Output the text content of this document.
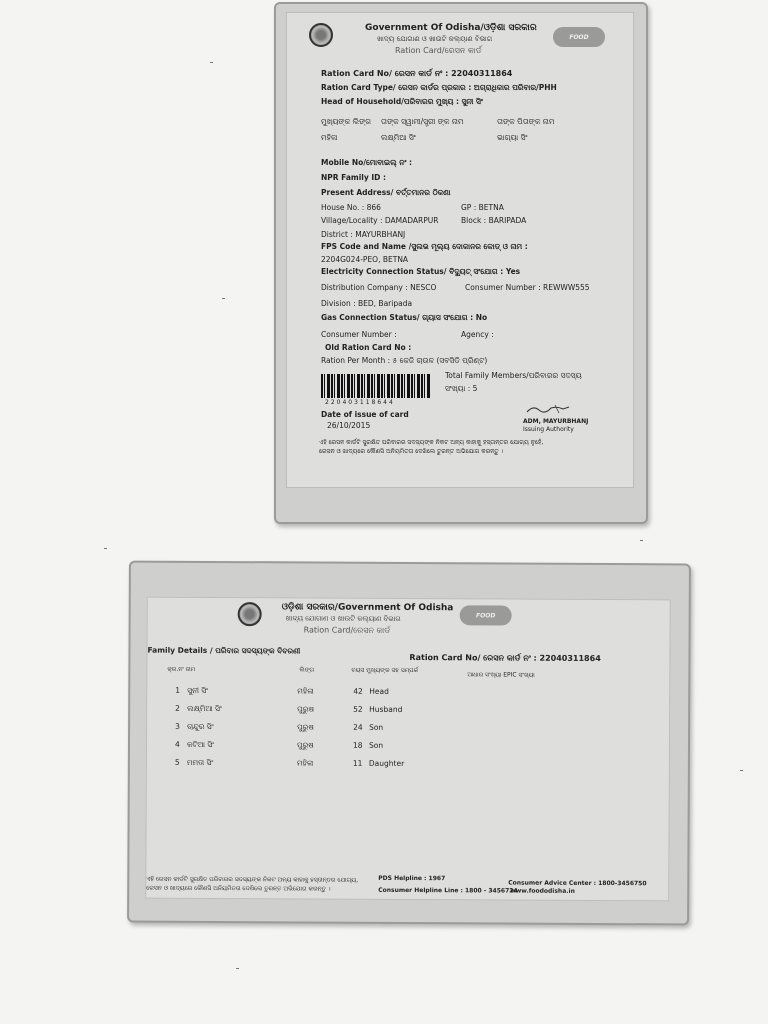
FOOD
Government Of Odisha/ଓଡ଼ିଶା ସରକାର
ଖାଦ୍ୟ ଯୋଗାଣ ଓ ଖାଉଟି କଲ୍ୟାଣ ବିଭାଗ
Ration Card/ରେସନ କାର୍ଡ
Ration Card No/ ରେସନ କାର୍ଡ ନଂ : 22040311864
Ration Card Type/ ରେସନ କାର୍ଡର ପ୍ରକାର : ଅଗ୍ରାଧିକାର ପରିବାର/PHH
Head of Household/ପରିବାରର ମୁଖ୍ୟ : ସୁନୀ ସିଂ
ମୁଖ୍ୟଙ୍କ ଲିଙ୍ଗ ତାଙ୍କ ସ୍ୱାମୀ/ସ୍ତ୍ରୀ ଙ୍କ ନାମ	ତାଙ୍କ ପିତାଙ୍କ ନାମ
ମହିଳା	ଲକ୍ଷ୍ମିଆ ସିଂ	ଭାଗ୍ୟା ସିଂ
Mobile No/ମୋବାଇଲ୍ ନଂ :
NPR Family ID :
Present Address/ ବର୍ତ୍ତମାନର ଠିକଣା
House No. : 866	GP : BETNA
Village/Locality : DAMADARPUR	Block : BARIPADA
District : MAYURBHANJ
FPS Code and Name /ସୁଲଭ ମୂଲ୍ୟ ଦୋକାନର କୋଡ୍ ଓ ନାମ :
2204G024-PEO, BETNA
Electricity Connection Status/ ବିଦ୍ୟୁତ୍ ସଂଯୋଗ : Yes
Distribution Company : NESCO	Consumer Number : REWWW555
Division : BED, Baripada
Gas Connection Status/ ଗ୍ୟାସ ସଂଯୋଗ : No
Consumer Number :	Agency :
Old Ration Card No :
Ration Per Month : ୫ କେଜି ଚାଉଳ (ସବସିଡି ପ୍ରିଣ୍ଟ)
220403118644
Total Family Members/ପରିବାରର ସଦସ୍ୟ
ସଂଖ୍ୟା : 5
Date of issue of card
26/10/2015	ADM, MAYURBHANJ
Issuing Authority
ଏହି ରେସନ କାର୍ଡଟି ସୁରକ୍ଷିତ ପରିବାରର ସଦସ୍ୟଙ୍କ ନିକଟ ଅନ୍ୟ କାହାକୁ ହସ୍ତାନ୍ତର ଯୋଗ୍ୟ ନୁହେଁ,
ରେସନ ଓ ଖାଦ୍ୟରେ କୌଣସି ଅନିୟମିତତା ଦେଖିଲେ ତୁରନ୍ତ ଅଭିଯୋଗ କରନ୍ତୁ ।
FOOD
ଓଡ଼ିଶା ସରକାର/Government Of Odisha
ଖାଦ୍ୟ ଯୋଗାଣ ଓ ଖାଉଟି କଲ୍ୟାଣ ବିଭାଗ
Ration Card/ରେସନ କାର୍ଡ
Family Details / ପରିବାର ସଦସ୍ୟଙ୍କ ବିବରଣୀ
Ration Card No/ ରେସନ କାର୍ଡ ନଂ : 22040311864
କ୍ର.ନଂ ନାମ	ଲିଙ୍ଗ	ବୟସ ମୁଖ୍ୟଙ୍କ ସହ ସମ୍ପର୍କ
ଆଧାର ସଂଖ୍ୟା EPIC ସଂଖ୍ୟା
1 ସୁନୀ ସିଂ	ମହିଳା	42 Head
2 ଲକ୍ଷ୍ମିଆ ସିଂ	ପୁରୁଷ	52 Husband
3 ଚାନ୍ଦୁର ସିଂ	ପୁରୁଷ	24 Son
4 କଟିଆ ସିଂ	ପୁରୁଷ	18 Son
5 ମମତା ସିଂ	ମହିଳା	11 Daughter
ଏହି ରେସନ କାର୍ଡଟି ସୁରକ୍ଷିତ ପରିବାରର ସଦସ୍ୟଙ୍କ ନିକଟ ଅନ୍ୟ କାହାକୁ ହସ୍ତାନ୍ତର ଯୋଗ୍ୟ,
ରେସନ ଓ ଖାଦ୍ୟରେ କୌଣସି ଅନିୟମିତତା ଦେଖିଲେ ତୁରନ୍ତ ଅଭିଯୋଗ କରନ୍ତୁ ।
PDS Helpline : 1967
Consumer Helpline Line : 1800 - 3456724
Consumer Advice Center : 1800-3456750
www.foododisha.in
